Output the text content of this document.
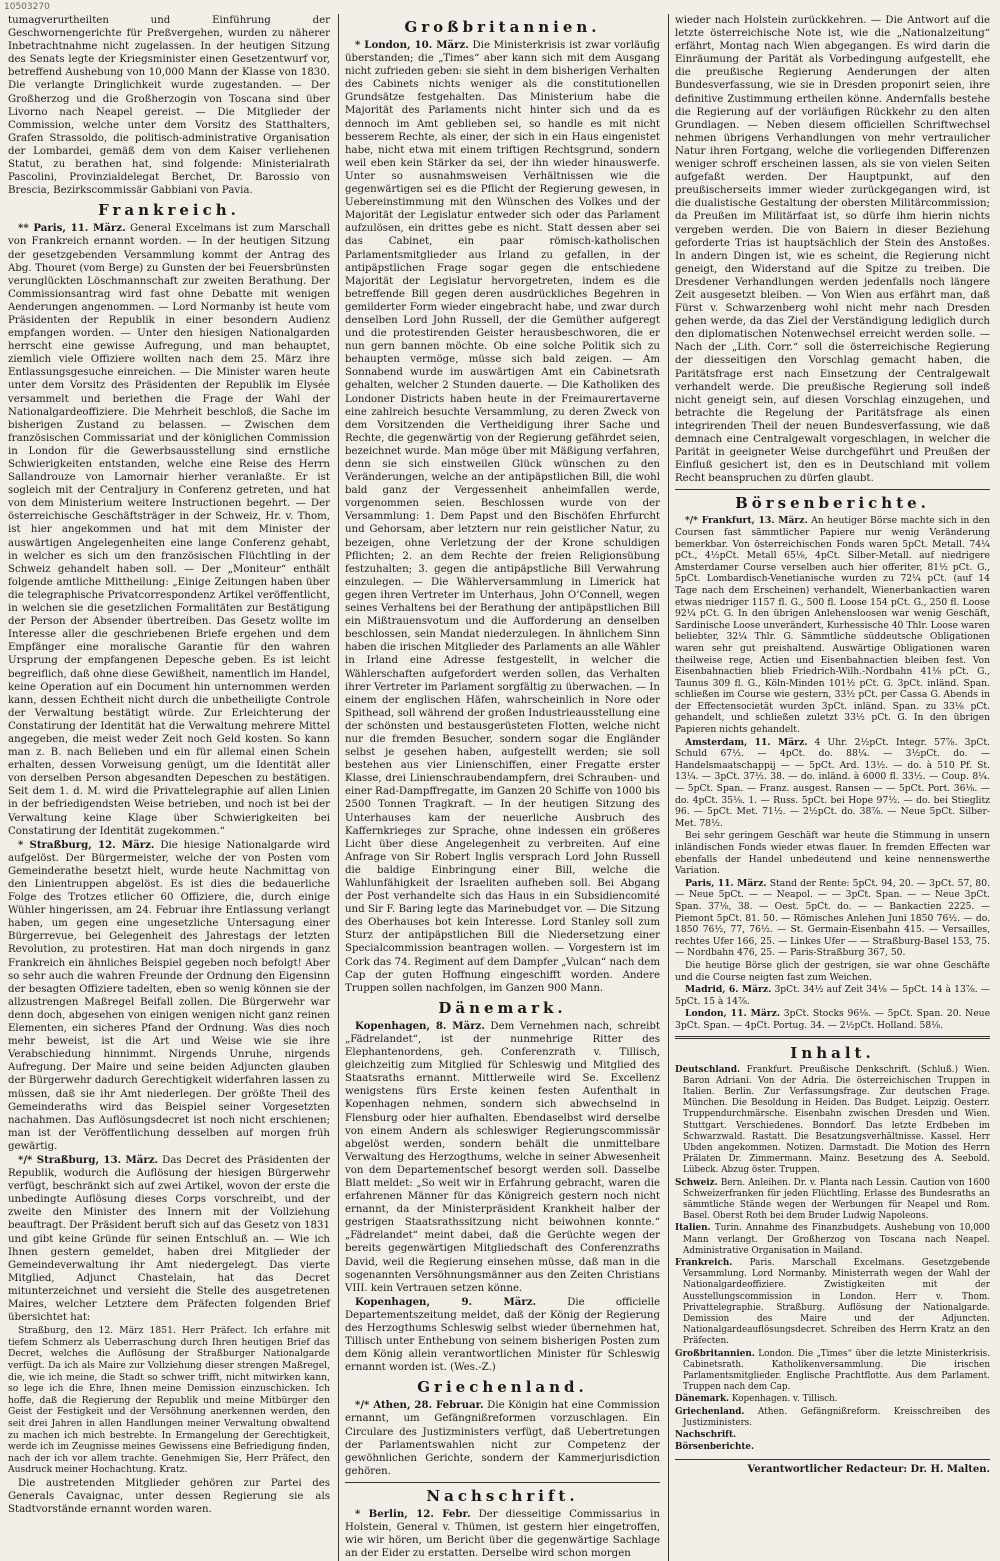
10503270

tumagverurtheilten und Einführung der Geschwornengerichte für Preßvergehen, wurden zu näherer Inbetrachtnahme nicht zugelassen. In der heutigen Sitzung des Senats legte der Kriegsminister einen Gesetzentwurf vor, betreffend Aushebung von 10,000 Mann der Klasse von 1830. Die verlangte Dringlichkeit wurde zugestanden. — Der Großherzog und die Großherzogin von Toscana sind über Livorno nach Neapel gereist. — Die Mitglieder der Commission, welche unter dem Vorsitz des Statthalters, Grafen Strassoldo, die politisch-administrative Organisation der Lombardei, gemäß dem von dem Kaiser verliehenen Statut, zu berathen hat, sind folgende: Ministerialrath Pascolini, Provinzialdelegat Berchet, Dr. Barossio von Brescia, Bezirkscommissär Gabbiani von Pavia.

Frankreich.

** Paris, 11. März. General Excelmans ist zum Marschall von Frankreich ernannt worden. — In der heutigen Sitzung der gesetzgebenden Versammlung kommt der Antrag des Abg. Thouret (vom Berge) zu Gunsten der bei Feuersbrünsten verunglückten Löschmannschaft zur zweiten Berathung. Der Commissionsantrag wird fast ohne Debatte mit wenigen Aenderungen angenommen. — Lord Normanby ist heute vom Präsidenten der Republik in einer besondern Audienz empfangen worden. — Unter den hiesigen Nationalgarden herrscht eine gewisse Aufregung, und man behauptet, ziemlich viele Offiziere wollten nach dem 25. März ihre Entlassungsgesuche einreichen. — Die Minister waren heute unter dem Vorsitz des Präsidenten der Republik im Elysée versammelt und beriethen die Frage der Wahl der Nationalgardeoffiziere. Die Mehrheit beschloß, die Sache im bisherigen Zustand zu belassen. — Zwischen dem französischen Commissariat und der königlichen Commission in London für die Gewerbsausstellung sind ernstliche Schwierigkeiten entstanden, welche eine Reise des Herrn Sallandrouze von Lamornair hierher veranlaßte. Er ist sogleich mit der Centraljury in Conferenz getreten, und hat von dem Ministerium weitere Instructionen begehrt. — Der österreichische Geschäftsträger in der Schweiz, Hr. v. Thom, ist hier angekommen und hat mit dem Minister der auswärtigen Angelegenheiten eine lange Conferenz gehabt, in welcher es sich um den französischen Flüchtling in der Schweiz gehandelt haben soll. — Der „Moniteur“ enthält folgende amtliche Mittheilung: „Einige Zeitungen haben über die telegraphische Privatcorrespondenz Artikel veröffentlicht, in welchen sie die gesetzlichen Formalitäten zur Bestätigung der Person der Absender übertreiben. Das Gesetz wollte im Interesse aller die geschriebenen Briefe ergehen und dem Empfänger eine moralische Garantie für den wahren Ursprung der empfangenen Depesche geben. Es ist leicht begreiflich, daß ohne diese Gewißheit, namentlich im Handel, keine Operation auf ein Document hin unternommen werden kann, dessen Echtheit nicht durch die unbetheiligte Controle der Verwaltung bestätigt würde. Zur Erleichterung der Constatirung der Identität hat die Verwaltung mehrere Mittel angegeben, die meist weder Zeit noch Geld kosten. So kann man z. B. nach Belieben und ein für allemal einen Schein erhalten, dessen Vorweisung genügt, um die Identität aller von derselben Person abgesandten Depeschen zu bestätigen. Seit dem 1. d. M. wird die Privattelegraphie auf allen Linien in der befriedigendsten Weise betrieben, und noch ist bei der Verwaltung keine Klage über Schwierigkeiten bei Constatirung der Identität zugekommen.“

* Straßburg, 12. März. Die hiesige Nationalgarde wird aufgelöst. Der Bürgermeister, welche der von Posten vom Gemeinderathe besetzt hielt, wurde heute Nachmittag von den Linientruppen abgelöst. Es ist dies die bedauerliche Folge des Trotzes etlicher 60 Offiziere, die, durch einige Wühler hingerissen, am 24. Februar ihre Entlassung verlangt haben, um gegen eine ungesetzliche Untersagung einer Bürgerrevue, bei Gelegenheit des Jahrestags der letzten Revolution, zu protestiren. Hat man doch nirgends in ganz Frankreich ein ähnliches Beispiel gegeben noch befolgt! Aber so sehr auch die wahren Freunde der Ordnung den Eigensinn der besagten Offiziere tadelten, eben so wenig können sie der allzustrengen Maßregel Beifall zollen. Die Bürgerwehr war denn doch, abgesehen von einigen wenigen nicht ganz reinen Elementen, ein sicheres Pfand der Ordnung. Was dies noch mehr beweist, ist die Art und Weise wie sie ihre Verabschiedung hinnimmt. Nirgends Unruhe, nirgends Aufregung. Der Maire und seine beiden Adjuncten glauben der Bürgerwehr dadurch Gerechtigkeit widerfahren lassen zu müssen, daß sie ihr Amt niederlegen. Der größte Theil des Gemeinderaths wird das Beispiel seiner Vorgesetzten nachahmen. Das Auflösungsdecret ist noch nicht erschienen; man ist der Veröffentlichung desselben auf morgen früh gewärtig.

*/* Straßburg, 13. März. Das Decret des Präsidenten der Republik, wodurch die Auflösung der hiesigen Bürgerwehr verfügt, beschränkt sich auf zwei Artikel, wovon der erste die unbedingte Auflösung dieses Corps vorschreibt, und der zweite den Minister des Innern mit der Vollziehung beauftragt. Der Präsident beruft sich auf das Gesetz von 1831 und gibt keine Gründe für seinen Entschluß an. — Wie ich Ihnen gestern gemeldet, haben drei Mitglieder der Gemeindeverwaltung ihr Amt niedergelegt. Das vierte Mitglied, Adjunct Chastelain, hat das Decret mitunterzeichnet und versieht die Stelle des ausgetretenen Maires, welcher Letztere dem Präfecten folgenden Brief übersichtet hat:

Straßburg, den 12. März 1851. Herr Präfect. Ich erfahre mit tiefem Schmerz als Ueberraschung durch Ihren heutigen Brief das Decret, welches die Auflösung der Straßburger Nationalgarde verfügt. Da ich als Maire zur Vollziehung dieser strengen Maßregel, die, wie ich meine, die Stadt so schwer trifft, nicht mitwirken kann, so lege ich die Ehre, Ihnen meine Demission einzuschicken. Ich hoffe, daß die Regierung der Republik und meine Mitbürger den Geist der Festigkeit und der Versöhnung anerkennen werden, den seit drei Jahren in allen Handlungen meiner Verwaltung obwaltend zu machen ich mich bestrebte. In Ermangelung der Gerechtigkeit, werde ich im Zeugnisse meines Gewissens eine Befriedigung finden, nach der ich vor allem trachte. Genehmigen Sie, Herr Präfect, den Ausdruck meiner Hochachtung. Kratz.

Die austretenden Mitglieder gehören zur Partei des Generals Cavaignac, unter dessen Regierung sie als Stadtvorstände ernannt worden waren.

Großbritannien.

* London, 10. März. Die Ministerkrisis ist zwar vorläufig überstanden; die „Times“ aber kann sich mit dem Ausgang nicht zufrieden geben: sie sieht in dem bisherigen Verhalten des Cabinets nichts weniger als die constitutionellen Grundsätze festgehalten. Das Ministerium habe die Majorität des Parlaments nicht hinter sich und da es dennoch im Amt geblieben sei, so handle es mit nicht besserem Rechte, als einer, der sich in ein Haus eingenistet habe, nicht etwa mit einem triftigen Rechtsgrund, sondern weil eben kein Stärker da sei, der ihn wieder hinauswerfe. Unter so ausnahmsweisen Verhältnissen wie die gegenwärtigen sei es die Pflicht der Regierung gewesen, in Uebereinstimmung mit den Wünschen des Volkes und der Majorität der Legislatur entweder sich oder das Parlament aufzulösen, ein drittes gebe es nicht. Statt dessen aber sei das Cabinet, ein paar römisch-katholischen Parlamentsmitglieder aus Irland zu gefallen, in der antipäpstlichen Frage sogar gegen die entschiedene Majorität der Legislatur hervorgetreten, indem es die betreffende Bill gegen deren ausdrückliches Begehren in gemilderter Form wieder eingebracht habe, und zwar durch denselben Lord John Russell, der die Gemüther aufgeregt und die protestirenden Geister herausbeschworen, die er nun gern bannen möchte. Ob eine solche Politik sich zu behaupten vermöge, müsse sich bald zeigen. — Am Sonnabend wurde im auswärtigen Amt ein Cabinetsrath gehalten, welcher 2 Stunden dauerte. — Die Katholiken des Londoner Districts haben heute in der Freimaurertaverne eine zahlreich besuchte Versammlung, zu deren Zweck von dem Vorsitzenden die Vertheidigung ihrer Sache und Rechte, die gegenwärtig von der Regierung gefährdet seien, bezeichnet wurde. Man möge über mit Mäßigung verfahren, denn sie sich einstweilen Glück wünschen zu den Veränderungen, welche an der antipäpstlichen Bill, die wohl bald ganz der Vergessenheit anheimfallen werde, vorgenommen seien. Beschlossen wurde von der Versammlung: 1. Dem Papst und den Bischöfen Ehrfurcht und Gehorsam, aber letztern nur rein geistlicher Natur, zu bezeigen, ohne Verletzung der der Krone schuldigen Pflichten; 2. an dem Rechte der freien Religionsübung festzuhalten; 3. gegen die antipäpstliche Bill Verwahrung einzulegen. — Die Wählerversammlung in Limerick hat gegen ihren Vertreter im Unterhaus, John O’Connell, wegen seines Verhaltens bei der Berathung der antipäpstlichen Bill ein Mißtrauensvotum und die Aufforderung an denselben beschlossen, sein Mandat niederzulegen. In ähnlichem Sinn haben die irischen Mitglieder des Parlaments an alle Wähler in Irland eine Adresse festgestellt, in welcher die Wählerschaften aufgefordert werden sollen, das Verhalten ihrer Vertreter im Parlament sorgfältig zu überwachen. — In einem der englischen Häfen, wahrscheinlich in Nore oder Spithead, soll während der großen Industrieausstellung eine der schönsten und bestausgerüsteten Flotten, welche nicht nur die fremden Besucher, sondern sogar die Engländer selbst je gesehen haben, aufgestellt werden; sie soll bestehen aus vier Linienschiffen, einer Fregatte erster Klasse, drei Linienschraubendampfern, drei Schrauben- und einer Rad-Dampffregatte, im Ganzen 20 Schiffe von 1000 bis 2500 Tonnen Tragkraft. — In der heutigen Sitzung des Unterhauses kam der neuerliche Ausbruch des Kaffernkrieges zur Sprache, ohne indessen ein größeres Licht über diese Angelegenheit zu verbreiten. Auf eine Anfrage von Sir Robert Inglis versprach Lord John Russell die baldige Einbringung einer Bill, welche die Wahlunfähigkeit der Israeliten aufheben soll. Bei Abgang der Post verhandelte sich das Haus in ein Subsidiencomité und Sir F. Baring legte das Marinebudget vor. — Die Sitzung des Oberhauses bot kein Interesse. Lord Stanley soll zum Sturz der antipäpstlichen Bill die Niedersetzung einer Specialcommission beantragen wollen. — Vorgestern ist im Cork das 74. Regiment auf dem Dampfer „Vulcan“ nach dem Cap der guten Hoffnung eingeschifft worden. Andere Truppen sollen nachfolgen, im Ganzen 900 Mann.

Dänemark.

Kopenhagen, 8. März. Dem Vernehmen nach, schreibt „Fädrelandet“, ist der nunmehrige Ritter des Elephantenordens, geh. Conferenzrath v. Tillisch, gleichzeitig zum Mitglied für Schleswig und Mitglied des Staatsraths ernannt. Mittlerweile wird Se. Excellenz wenigstens fürs Erste keinen festen Aufenthalt in Kopenhagen nehmen, sondern sich abwechselnd in Flensburg oder hier aufhalten. Ebendaselbst wird derselbe von einem Andern als schleswiger Regierungscommissär abgelöst werden, sondern behält die unmittelbare Verwaltung des Herzogthums, welche in seiner Abwesenheit von dem Departementschef besorgt werden soll. Dasselbe Blatt meldet: „So weit wir in Erfahrung gebracht, waren die erfahrenen Männer für das Königreich gestern noch nicht ernannt, da der Ministerpräsident Krankheit halber der gestrigen Staatsrathssitzung nicht beiwohnen konnte.“ „Fädrelandet“ meint dabei, daß die Gerüchte wegen der bereits gegenwärtigen Mitgliedschaft des Conferenzraths David, weil die Regierung einsehen müsse, daß man in die sogenannten Versöhnungsmänner aus den Zeiten Christians VIII. kein Vertrauen setzen könne.

Kopenhagen, 9. März.	Die officielle Departementszeitung meldet, daß der König der Regierung des Herzogthums Schleswig selbst wieder übernehmen hat, Tillisch unter Enthebung von seinem bisherigen Posten zum dem König allein verantwortlichen Minister für Schleswig ernannt worden ist. (Wes.-Z.)

Griechenland.

*/* Athen, 28. Februar. Die Königin hat eine Commission ernannt, um Gefängnißreformen vorzuschlagen. Ein Circulare des Justizministers verfügt, daß Uebertretungen der Parlamentswahlen nicht zur Competenz der gewöhnlichen Gerichte, sondern der Kammerjurisdiction gehören.

Nachschrift.

* Berlin, 12. Febr. Der diesseitige Commissarius in Holstein, General v. Thümen, ist gestern hier eingetroffen, wie wir hören, um Bericht über die gegenwärtige Sachlage an der Eider zu erstatten. Derselbe wird schon morgen

wieder nach Holstein zurückkehren. — Die Antwort auf die letzte österreichische Note ist, wie die „Nationalzeitung“ erfährt, Montag nach Wien abgegangen. Es wird darin die Einräumung der Parität als Vorbedingung aufgestellt, ehe die preußische Regierung Aenderungen der alten Bundesverfassung, wie sie in Dresden proponirt seien, ihre definitive Zustimmung ertheilen könne. Andernfalls bestehe die Regierung auf der vorläufigen Rückkehr zu den alten Grundlagen. — Neben diesem officiellen Schriftwechsel nehmen übrigens Verhandlungen von mehr vertraulicher Natur ihren Fortgang, welche die vorliegenden Differenzen weniger schroff erscheinen lassen, als sie von vielen Seiten aufgefaßt werden. Der Hauptpunkt, auf den preußischerseits immer wieder zurückgegangen wird, ist die dualistische Gestaltung der obersten Militärcommission; da Preußen im Militärfaat ist, so dürfe ihm hierin nichts vergeben werden. Die von Baiern in dieser Beziehung geforderte Trias ist hauptsächlich der Stein des Anstoßes. In andern Dingen ist, wie es scheint, die Regierung nicht geneigt, den Widerstand auf die Spitze zu treiben. Die Dresdener Verhandlungen werden jedenfalls noch längere Zeit ausgesetzt bleiben. — Von Wien aus erfährt man, daß Fürst v. Schwarzenberg wohl nicht mehr nach Dresden gehen werde, da das Ziel der Verständigung lediglich durch den diplomatischen Notenwechsel erreicht werden solle. — Nach der „Lith. Corr.“ soll die österreichische Regierung der diesseitigen den Vorschlag gemacht haben, die Paritätsfrage erst nach Einsetzung der Centralgewalt verhandelt werde. Die preußische Regierung soll indeß nicht geneigt sein, auf diesen Vorschlag einzugehen, und betrachte die Regelung der Paritätsfrage als einen integrirenden Theil der neuen Bundesverfassung, wie daß demnach eine Centralgewalt vorgeschlagen, in welcher die Parität in geeigneter Weise durchgeführt und Preußen der Einfluß gesichert ist, den es in Deutschland mit vollem Recht beanspruchen zu dürfen glaubt.

Börsenberichte.

*/* Frankfurt, 13. März. An heutiger Börse machte sich in den Coursen fast sämmtlicher Papiere nur wenig Veränderung bemerkbar. Von österreichischen Fonds waren 5pCt. Metall. 74¼ pCt., 4½pCt. Metall 65⅛, 4pCt. Silber-Metall. auf niedrigere Amsterdamer Course verselben auch hier offeriter, 81½ pCt. G., 5pCt. Lombardisch-Venetianische wurden zu 72¼ pCt. (auf 14 Tage nach dem Erscheinen) verhandelt, Wienerbankactien waren etwas niedriger 1157 fl. G., 500 fl. Loose 154 pCt. G., 250 fl. Loose 92¼ pCt. G. In den übrigen Anlehensloosen war wenig Geschäft, Sardinische Loose unverändert, Kurhessische 40 Thlr. Loose waren beliebter, 32¼ Thlr. G. Sämmtliche süddeutsche Obligationen waren sehr gut preishaltend. Auswärtige Obligationen waren theilweise rege, Actien und Eisenbahnactien bleiben fest. Von Eisenbahnactien blieb Friedrich-Wilh.-Nordbahn 41⅛ pCt. G., Taunus 309 fl. G., Köln-Minden 101½ pCt. G. 3pCt. inländ. Span. schließen im Course wie gestern, 33½ pCt. per Cassa G. Abends in der Effectensocietät wurden 3pCt. inländ. Span. zu 33⅛ pCt. gehandelt, und schließen zuletzt 33½ pCt. G. In den übrigen Papieren nichts gehandelt.

Amsterdam, 11. März. 4 Uhr. 2½pCt. Integr. 57⅞. 3pCt. Schuld 67½. — 4pCt. do. 88¼. — 3½pCt. do. — Handelsmaatschappij — — 5pCt. Ard. 13½. — do. à 510 Pf. St. 13¼. — 3pCt. 37½. 38. — do. inländ. à 6000 fl. 33½. — Coup. 8¼. — 5pCt. Span. — Franz. ausgest. Ransen — — 5pCt. Port. 36⅛. — do. 4pCt. 35⅛. 1. — Russ. 5pCt. bei Hope 97½. — do. bei Stieglitz 96. — 5pCt. Met. 71½. — 2½pCt. do. 38⅞. — Neue 5pCt. Silber-Met. 78½.

Bei sehr geringem Geschäft war heute die Stimmung in unsern inländischen Fonds wieder etwas flauer. In fremden Effecten war ebenfalls der Handel unbedeutend und keine nennenswerthe Variation.

Paris, 11. März. Stand der Rente: 5pCt. 94, 20. — 3pCt. 57, 80. — Neue 5pCt. — — Neapol. — — 3pCt. Span. — — Neue 3pCt. Span. 37⅛, 38. — Oest. 5pCt. do. — — Bankactien 2225. — Piemont 5pCt. 81. 50. — Römisches Anlehen Juni 1850 76½. — do. 1850 76½, 77, 76½. — St. Germain-Eisenbahn 415. — Versailles, rechtes Ufer 166, 25. — Linkes Ufer — — Straßburg-Basel 153, 75. — Nordbahn 476, 25. — Paris-Straßburg 367, 50.

Die heutige Börse glich der gestrigen, sie war ohne Geschäfte und die Course neigten fast zum Weichen.

Madrid, 6. März. 3pCt. 34½ auf Zeit 34⅛ — 5pCt. 14 à 13⅞. — 5pCt. 15 à 14⅞.

London, 11. März. 3pCt. Stocks 96⅛. — 5pCt. Span. 20. Neue 3pCt. Span. — 4pCt. Portug. 34. — 2½pCt. Holland. 58⅛.

Inhalt.

Deutschland. Frankfurt. Preußische Denkschrift. (Schluß.) Wien. Baron Adriani. Von der Adria. Die österreichischen Truppen in Italien. Berlin. Zur Verfassungsfrage. Zur deutschen Frage. München. Die Besoldung in Heiden. Das Budget. Leipzig. Oesterr. Truppendurchmärsche. Eisenbahn zwischen Dresden und Wien. Stuttgart. Verschiedenes. Bonndorf. Das letzte Erdbeben im Schwarzwald. Rastatt. Die Besatzungsverhältnisse. Kassel. Herr Ubden angekommen. Notizen. Darmstadt. Die Motion des Herrn Prälaten Dr. Zimmermann. Mainz. Besetzung des A. Seebold. Lübeck. Abzug öster. Truppen.

Schweiz. Bern. Anleihen. Dr. v. Planta nach Lessin. Caution von 1600 Schweizerfranken für jeden Flüchtling. Erlasse des Bundesraths an sämmtliche Stände wegen der Werbungen für Neapel und Rom. Basel. Oberst Roth bei dem Bruder Ludwig Napoleons.

Italien. Turin. Annahme des Finanzbudgets. Aushebung von 10,000 Mann verlangt. Der Großherzog von Toscana nach Neapel. Administrative Organisation in Mailand.

Frankreich. Paris. Marschall Excelmans. Gesetzgebende Versammlung. Lord Normanby. Ministerrath wegen der Wahl der Nationalgardeoffiziere. Zwistigkeiten mit der Ausstellungscommission in London. Herr v. Thom. Privattelegraphie. Straßburg. Auflösung der Nationalgarde. Demission des Maire und der Adjuncten. Nationalgardeauflösungsdecret. Schreiben des Herrn Kratz an den Präfecten.

Großbritannien. London. Die „Times“ über die letzte Ministerkrisis. Cabinetsrath. Katholikenversammlung. Die irischen Parlamentsmitglieder. Englische Prachtflotte. Aus dem Parlament. Truppen nach dem Cap.

Dänemark. Kopenhagen. v. Tillisch.

Griechenland. Athen. Gefängnißreform. Kreisschreiben des Justizministers.

Nachschrift.

Börsenberichte.

Verantwortlicher Redacteur: Dr. H. Malten.
